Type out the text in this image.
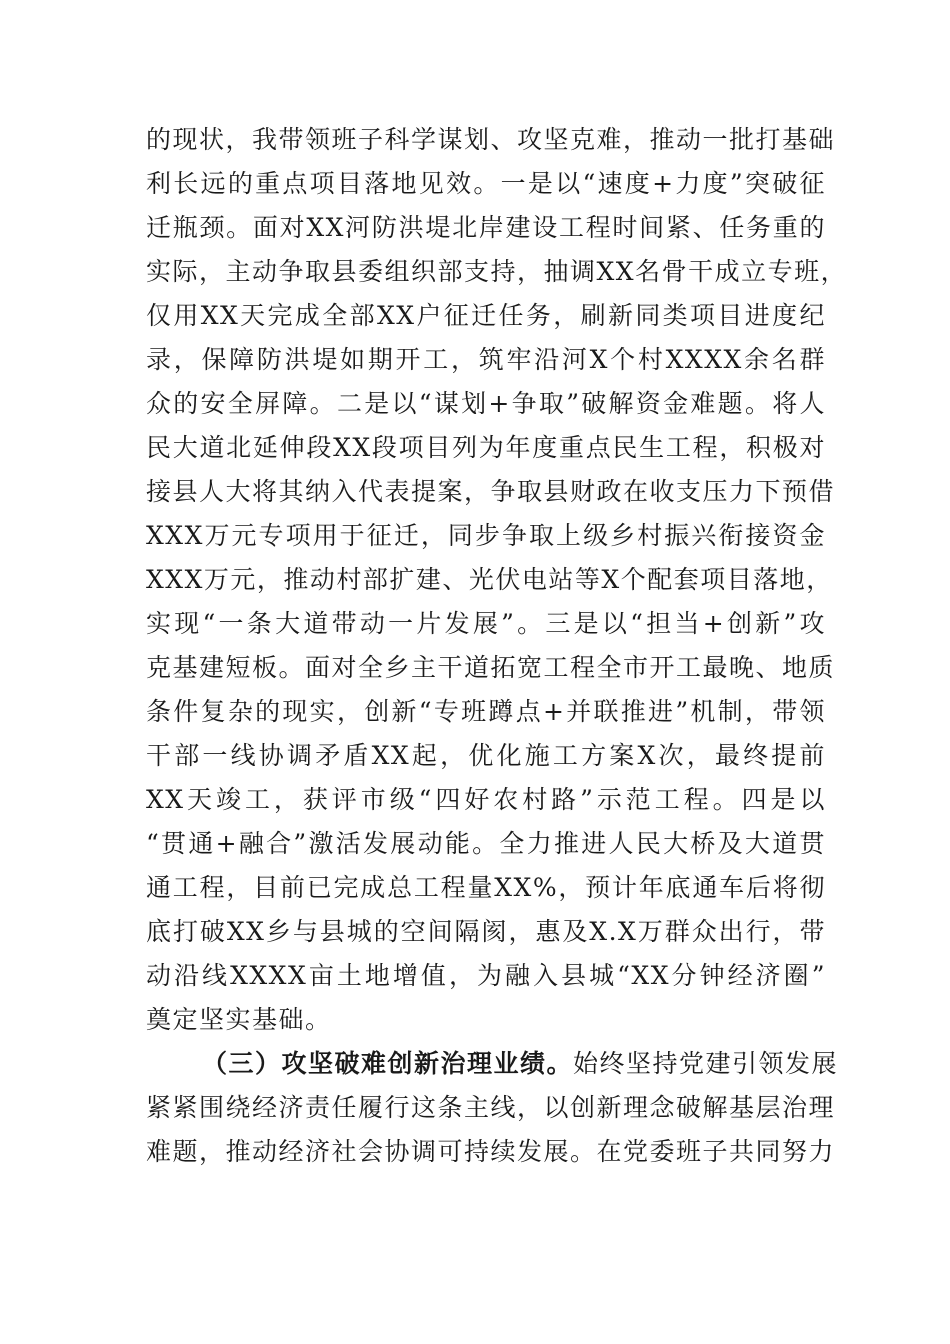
的现状，我带领班子科学谋划、攻坚克难，推动一批打基础
利长远的重点项目落地见效。一是以“速度+力度”突破征
迁瓶颈。面对XX河防洪堤北岸建设工程时间紧、任务重的
实际，主动争取县委组织部支持，抽调XX名骨干成立专班，
仅用XX天完成全部XX户征迁任务，刷新同类项目进度纪
录，保障防洪堤如期开工，筑牢沿河X个村XXXX余名群
众的安全屏障。二是以“谋划+争取”破解资金难题。将人
民大道北延伸段XX段项目列为年度重点民生工程，积极对
接县人大将其纳入代表提案，争取县财政在收支压力下预借
XXX万元专项用于征迁，同步争取上级乡村振兴衔接资金
XXX万元，推动村部扩建、光伏电站等X个配套项目落地，
实现“一条大道带动一片发展”。三是以“担当+创新”攻
克基建短板。面对全乡主干道拓宽工程全市开工最晚、地质
条件复杂的现实，创新“专班蹲点+并联推进”机制，带领
干部一线协调矛盾XX起，优化施工方案X次，最终提前
XX天竣工，获评市级“四好农村路”示范工程。四是以
“贯通+融合”激活发展动能。全力推进人民大桥及大道贯
通工程，目前已完成总工程量XX%，预计年底通车后将彻
底打破XX乡与县城的空间隔阂，惠及X.X万群众出行，带
动沿线XXXX亩土地增值，为融入县城“XX分钟经济圈”
奠定坚实基础。
（三）攻坚破难创新治理业绩。始终坚持党建引领发展
紧紧围绕经济责任履行这条主线，以创新理念破解基层治理
难题，推动经济社会协调可持续发展。在党委班子共同努力
